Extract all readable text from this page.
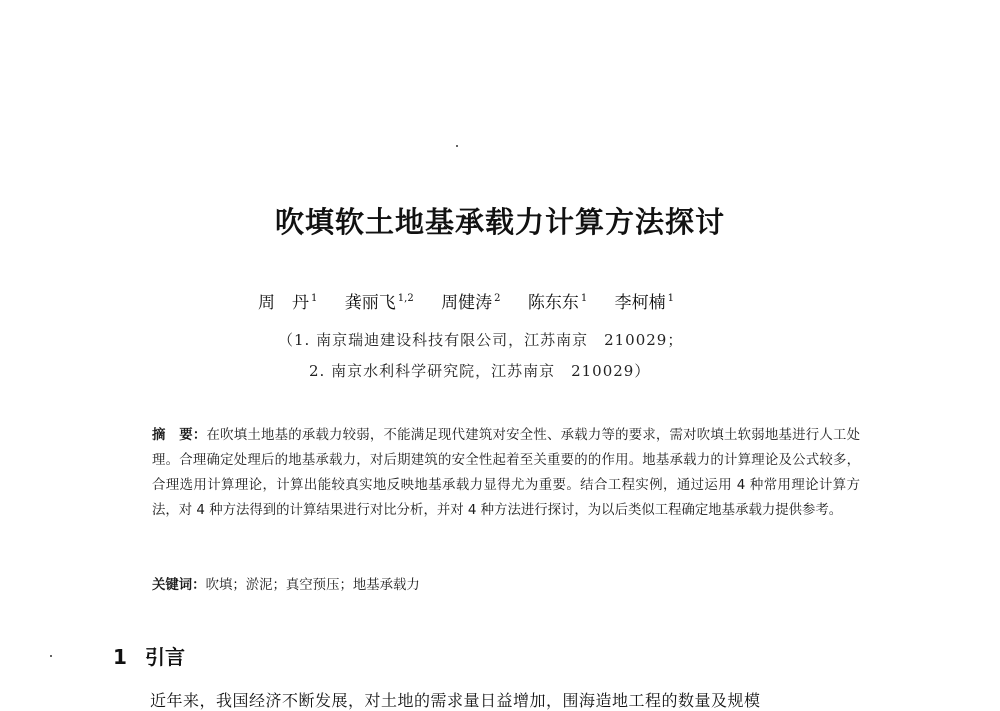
吹填软土地基承载力计算方法探讨
周　丹 $^1$ 龚丽飞 $^{1,2}$ 周健涛 $^2$ 陈东东 $^1$ 李柯楠 $^1$
（1. 南京瑞迪建设科技有限公司，江苏南京　210029；
2. 南京水利科学研究院，江苏南京　210029）
摘　要：在吹填土地基的承载力较弱，不能满足现代建筑对安全性、承载力等的要求，需对吹填土软弱地基进行人工处理。合理确定处理后的地基承载力，对后期建筑的安全性起着至关重要的的作用。地基承载力的计算理论及公式较多，合理选用计算理论，计算出能较真实地反映地基承载力显得尤为重要。结合工程实例，通过运用 4 种常用理论计算方法，对 4 种方法得到的计算结果进行对比分析，并对 4 种方法进行探讨，为以后类似工程确定地基承载力提供参考。
关键词：吹填；淤泥；真空预压；地基承载力
1 引言
近年来，我国经济不断发展，对土地的需求量日益增加，围海造地工程的数量及规模
